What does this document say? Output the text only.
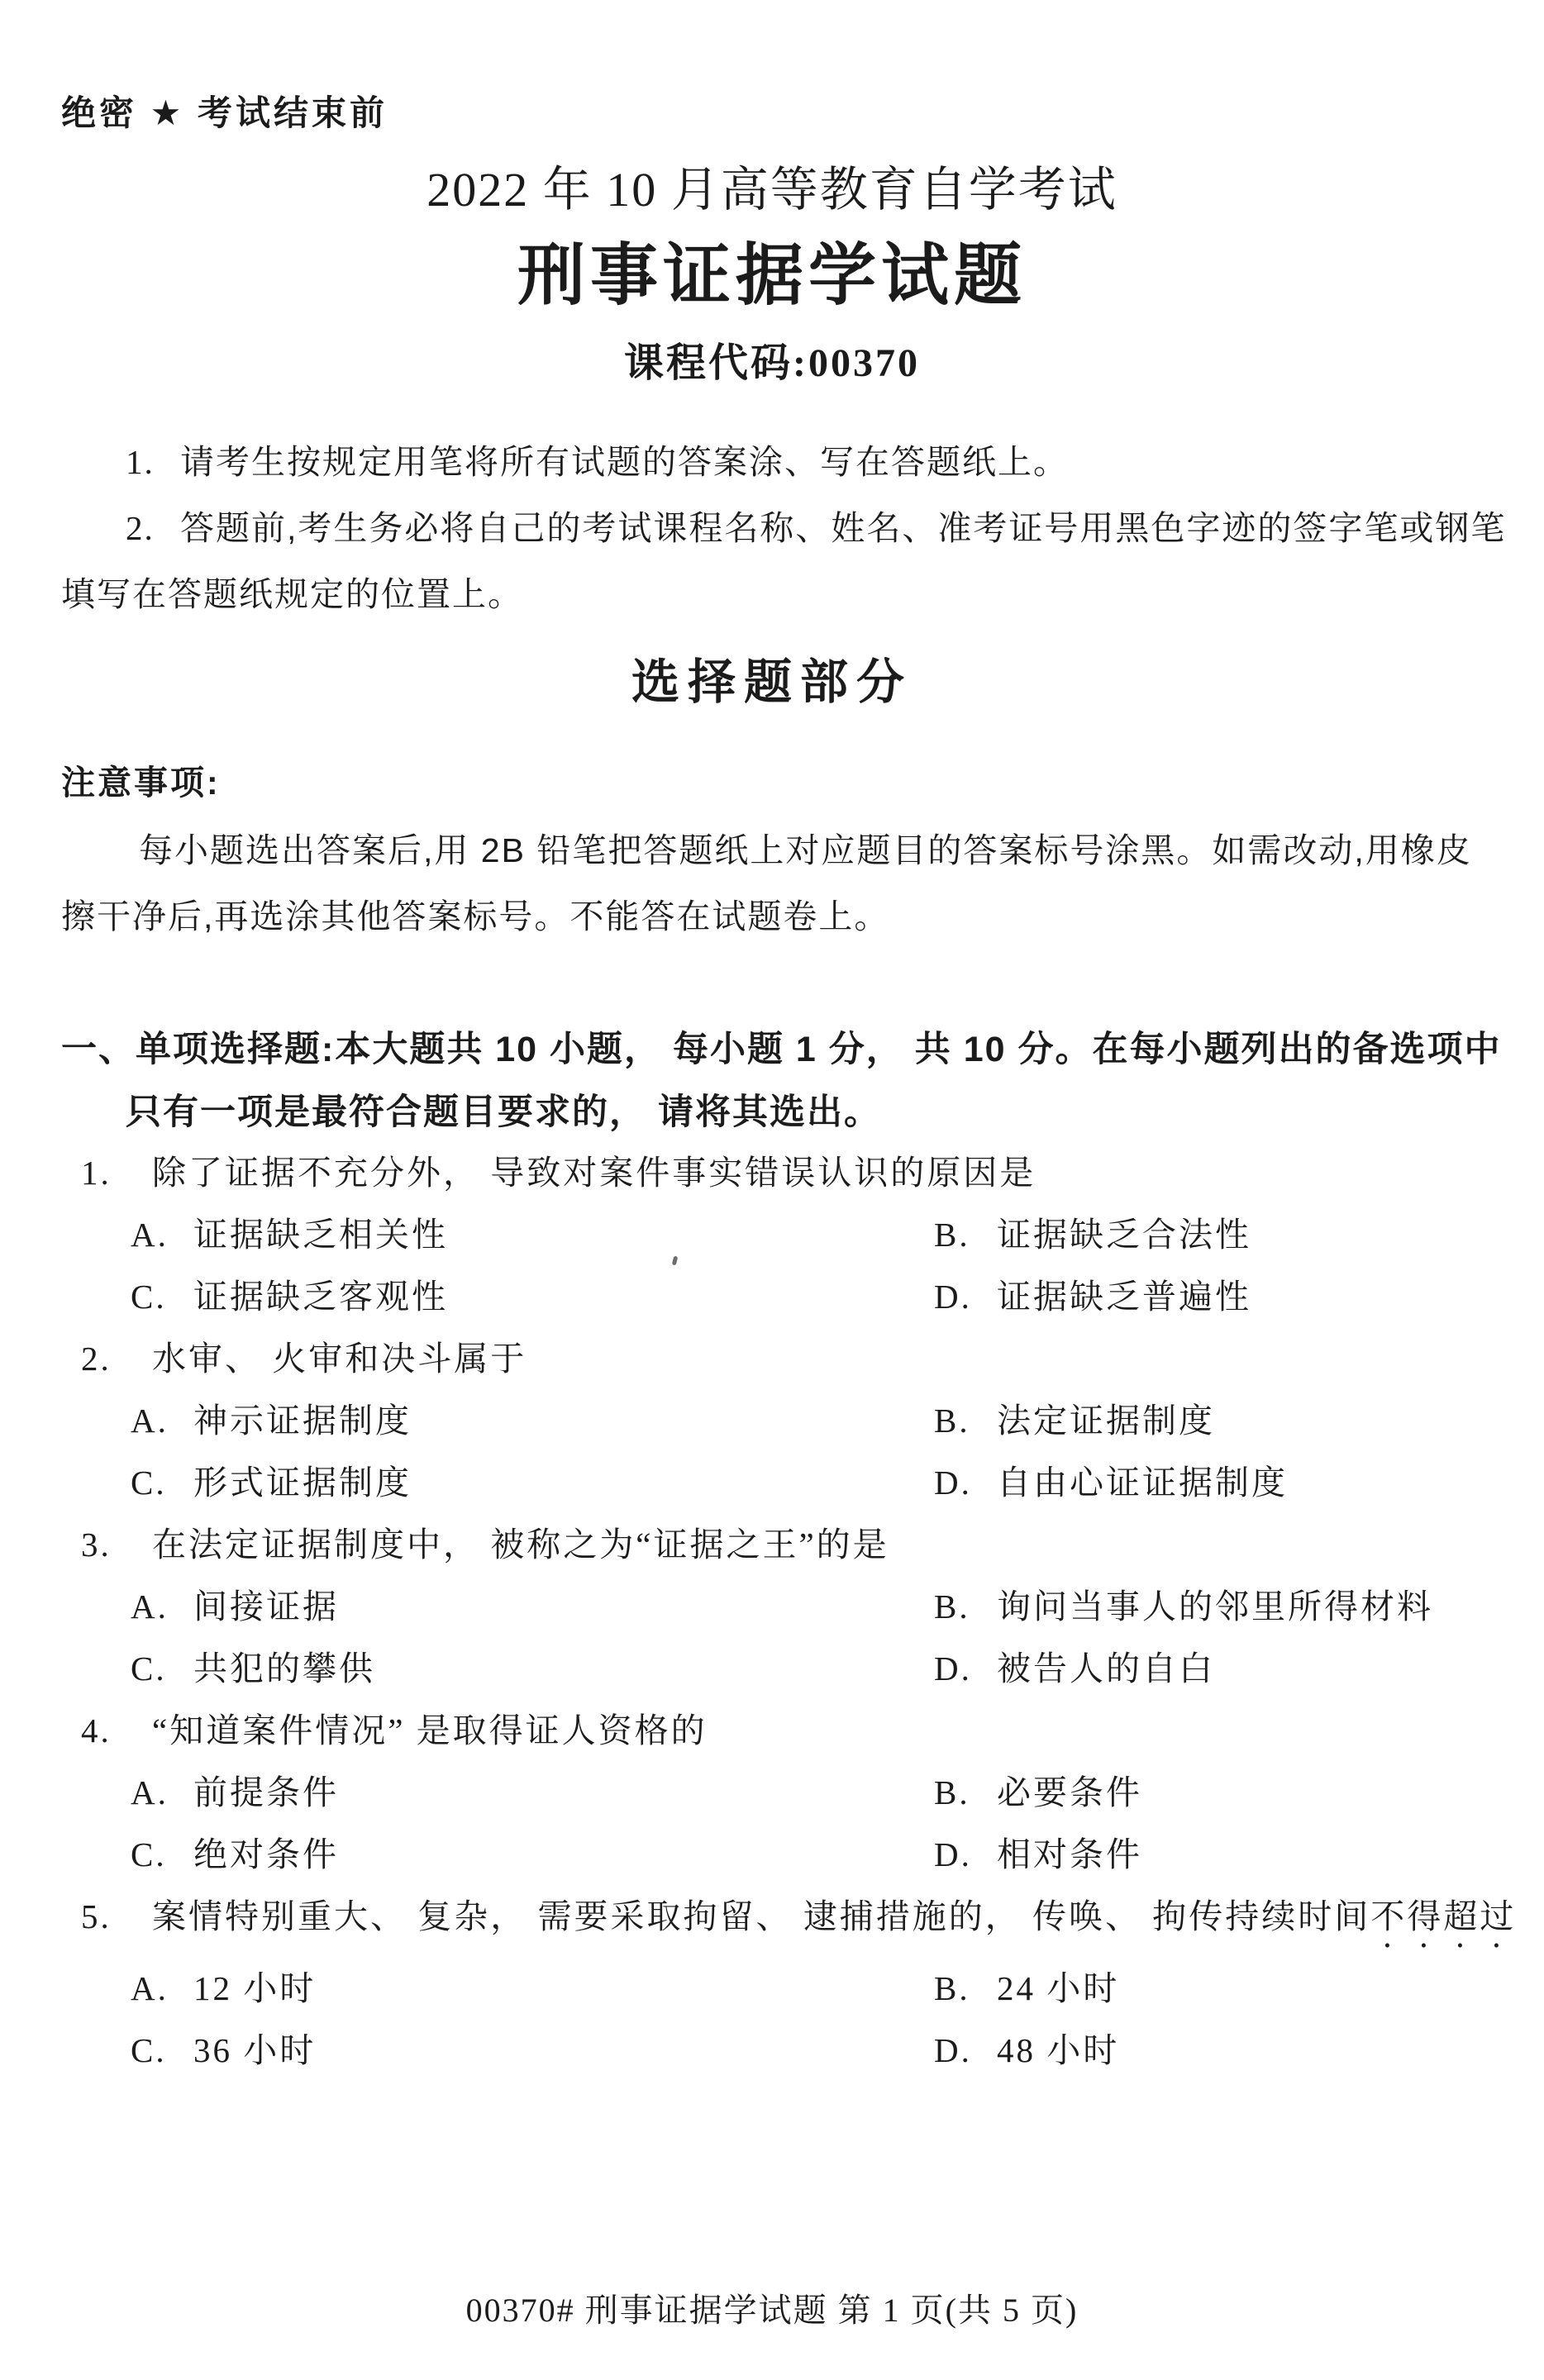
绝密 ★ 考试结束前
2022 年 10 月高等教育自学考试
刑事证据学试题
课程代码:00370
1. 请考生按规定用笔将所有试题的答案涂、写在答题纸上。
2. 答题前,考生务必将自己的考试课程名称、姓名、准考证号用黑色字迹的签字笔或钢笔
填写在答题纸规定的位置上。
选择题部分
注意事项:
每小题选出答案后,用 2B 铅笔把答题纸上对应题目的答案标号涂黑。如需改动,用橡皮
擦干净后,再选涂其他答案标号。不能答在试题卷上。
一、单项选择题:本大题共 10 小题， 每小题 1 分， 共 10 分。在每小题列出的备选项中
只有一项是最符合题目要求的， 请将其选出。
1. 除了证据不充分外， 导致对案件事实错误认识的原因是
A. 证据缺乏相关性	B. 证据缺乏合法性
C. 证据缺乏客观性	D. 证据缺乏普遍性
2. 水审、 火审和决斗属于
A. 神示证据制度	B. 法定证据制度
C. 形式证据制度	D. 自由心证证据制度
3. 在法定证据制度中， 被称之为“证据之王”的是
A. 间接证据	B. 询问当事人的邻里所得材料
C. 共犯的攀供	D. 被告人的自白
4. “知道案件情况” 是取得证人资格的
A. 前提条件	B. 必要条件
C. 绝对条件	D. 相对条件
5. 案情特别重大、 复杂， 需要采取拘留、 逮捕措施的， 传唤、 拘传持续时间不得超过
A. 12 小时	B. 24 小时
C. 36 小时	D. 48 小时
00370# 刑事证据学试题 第 1 页(共 5 页)
